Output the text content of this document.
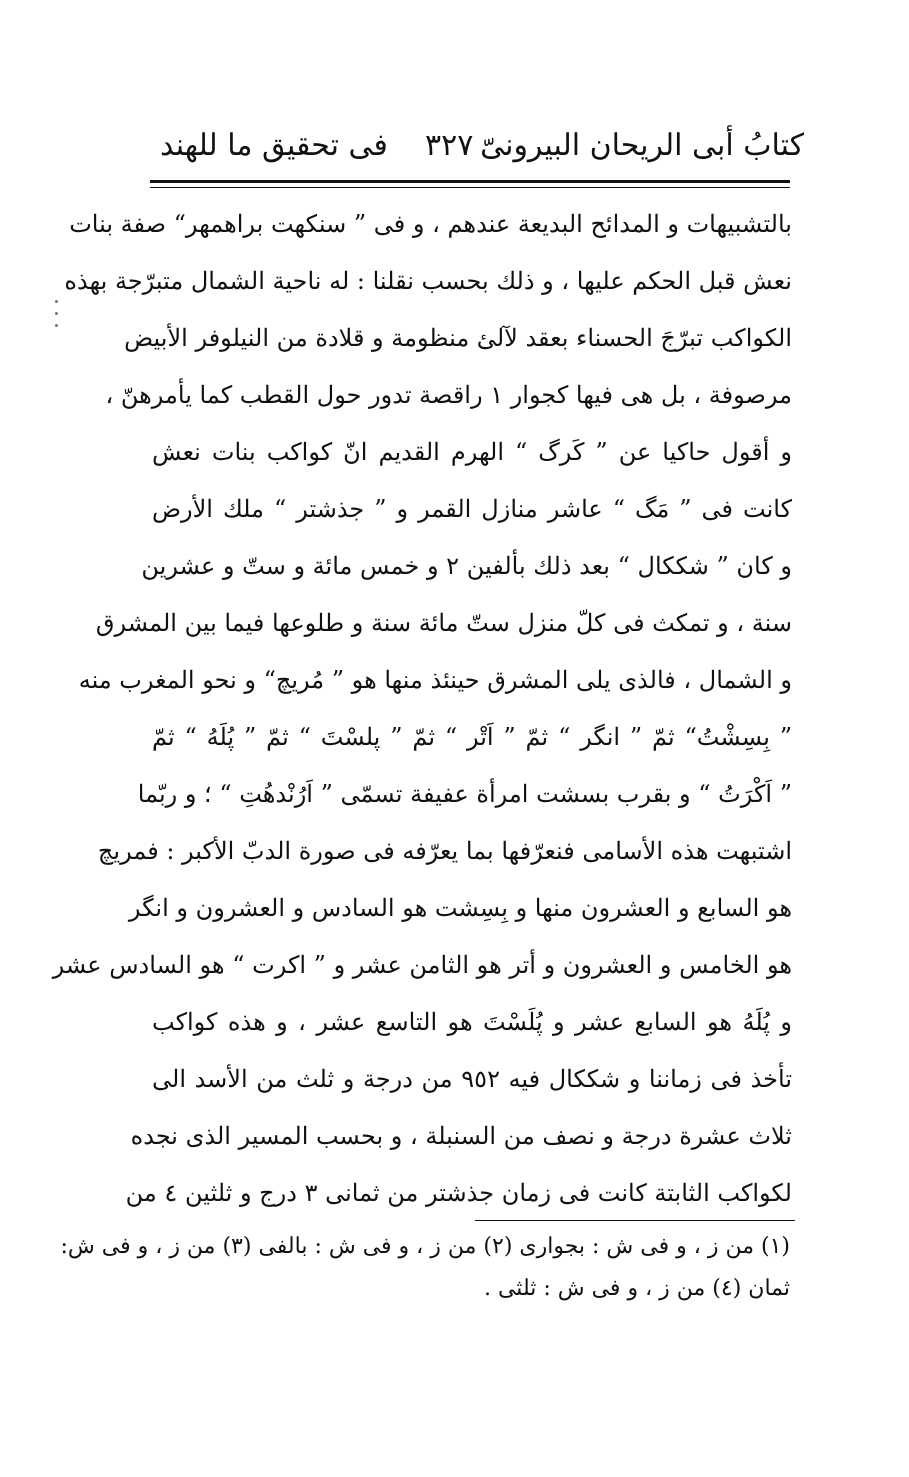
فى تحقيق ما للهند ٣٢٧ كتابُ أبى الريحان البيرونىّ
بالتشبيهات و المدائح البديعة عندهم ، و فى ” سنكهت براهمهر“ صفة بنات
نعش قبل الحكم عليها ، و ذلك بحسب نقلنا : له ناحية الشمال متبرّجة بهذه
الكواكب تبرّجَ الحسناء بعقد لآلئ منظومة و قلادة من النيلوفر الأبيض
مرصوفة ، بل هى فيها كجوار ١ راقصة تدور حول القطب كما يأمرهنّ ،
و أقول حاكيا عن ” كَرگ “ الهرم القديم انّ كواكب بنات نعش
كانت فى ” مَگ “ عاشر منازل القمر و ” جذشتر “ ملك الأرض
و كان ” شككال “ بعد ذلك بألفين ٢ و خمس مائة و ستّ و عشرين
سنة ، و تمكث فى كلّ منزل ستّ مائة سنة و طلوعها فيما بين المشرق
و الشمال ، فالذى يلى المشرق حينئذ منها هو ” مُريچ“ و نحو المغرب منه
” بِسِشْتُ“ ثمّ ” انگر “ ثمّ ” اَتْر “ ثمّ ” پلسْتَ “ ثمّ ” پُلَهُ “ ثمّ
” اَكْرَتُ “ و بقرب بسشت امرأة عفيفة تسمّى ” اَرُنْدهُتِ “ ؛ و ربّما
اشتبهت هذه الأسامى فنعرّفها بما يعرّفه فى صورة الدبّ الأكبر : فمريچ
هو السابع و العشرون منها و بِسِشت هو السادس و العشرون و انگر
هو الخامس و العشرون و أتر هو الثامن عشر و ” اكرت “ هو السادس عشر
و پُلَهُ هو السابع عشر و پُلَسْتَ هو التاسع عشر ، و هذه كواكب
تأخذ فى زماننا و شككال فيه ٩٥٢ من درجة و ثلث من الأسد الى
ثلاث عشرة درجة و نصف من السنبلة ، و بحسب المسير الذى نجده
لكواكب الثابتة كانت فى زمان جذشتر من ثمانى ٣ درج و ثلثين ٤ من
(١) من ز ، و فى ش : بجواری (٢) من ز ، و فى ش : بالفى (٣) من ز ، و فى ش:
ثمان (٤) من ز ، و فى ش : ثلثى .
